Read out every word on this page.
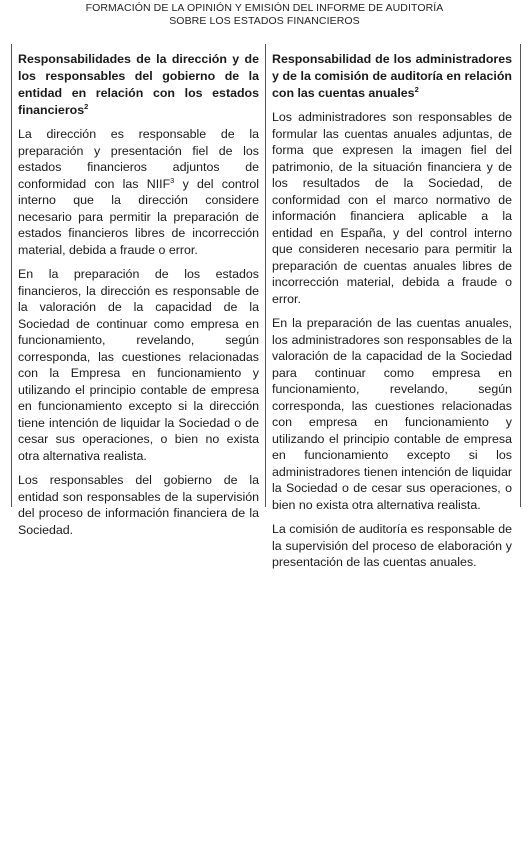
FORMACIÓN DE LA OPINIÓN Y EMISIÓN DEL INFORME DE AUDITORÍA
SOBRE LOS ESTADOS FINANCIEROS

Responsabilidades de la dirección y de los responsables del gobierno de la entidad en relación con los estados financieros$^2$

La dirección es responsable de la preparación y presentación fiel de los estados financieros adjuntos de conformidad con las NIIF$^3$ y del control interno que la dirección considere necesario para permitir la preparación de estados financieros libres de incorrección material, debida a fraude o error.

En la preparación de los estados financieros, la dirección es responsable de la valoración de la capacidad de la Sociedad de continuar como empresa en funcionamiento, revelando, según corresponda, las cuestiones relacionadas con la Empresa en funcionamiento y utilizando el principio contable de empresa en funcionamiento excepto si la dirección tiene intención de liquidar la Sociedad o de cesar sus operaciones, o bien no exista otra alternativa realista.

Los responsables del gobierno de la entidad son responsables de la supervisión del proceso de información financiera de la Sociedad.

Responsabilidad de los administradores y de la comisión de auditoría en relación con las cuentas anuales$^2$

Los administradores son responsables de formular las cuentas anuales adjuntas, de forma que expresen la imagen fiel del patrimonio, de la situación financiera y de los resultados de la Sociedad, de conformidad con el marco normativo de información financiera aplicable a la entidad en España, y del control interno que consideren necesario para permitir la preparación de cuentas anuales libres de incorrección material, debida a fraude o error.

En la preparación de las cuentas anuales, los administradores son responsables de la valoración de la capacidad de la Sociedad para continuar como empresa en funcionamiento, revelando, según corresponda, las cuestiones relacionadas con empresa en funcionamiento y utilizando el principio contable de empresa en funcionamiento excepto si los administradores tienen intención de liquidar la Sociedad o de cesar sus operaciones, o bien no exista otra alternativa realista.

La comisión de auditoría es responsable de la supervisión del proceso de elaboración y presentación de las cuentas anuales.
